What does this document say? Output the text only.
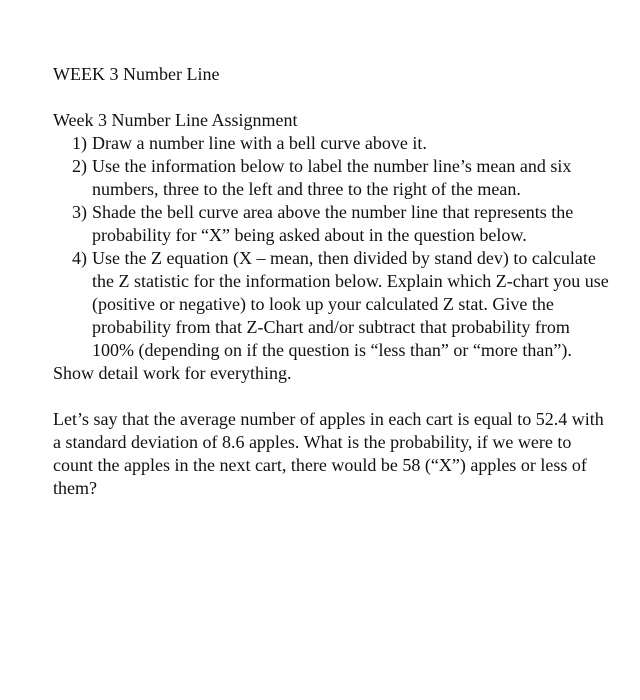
WEEK 3 Number Line

Week 3 Number Line Assignment

1) Draw a number line with a bell curve above it.
2) Use the information below to label the number line’s mean and six numbers, three to the left and three to the right of the mean.
3) Shade the bell curve area above the number line that represents the probability for “X” being asked about in the question below.
4) Use the Z equation (X – mean, then divided by stand dev) to calculate the Z statistic for the information below. Explain which Z-chart you use (positive or negative) to look up your calculated Z stat. Give the probability from that Z-Chart and/or subtract that probability from 100% (depending on if the question is “less than” or “more than”).

Show detail work for everything.

Let’s say that the average number of apples in each cart is equal to 52.4 with a standard deviation of 8.6 apples. What is the probability, if we were to count the apples in the next cart, there would be 58 (“X”) apples or less of them?
